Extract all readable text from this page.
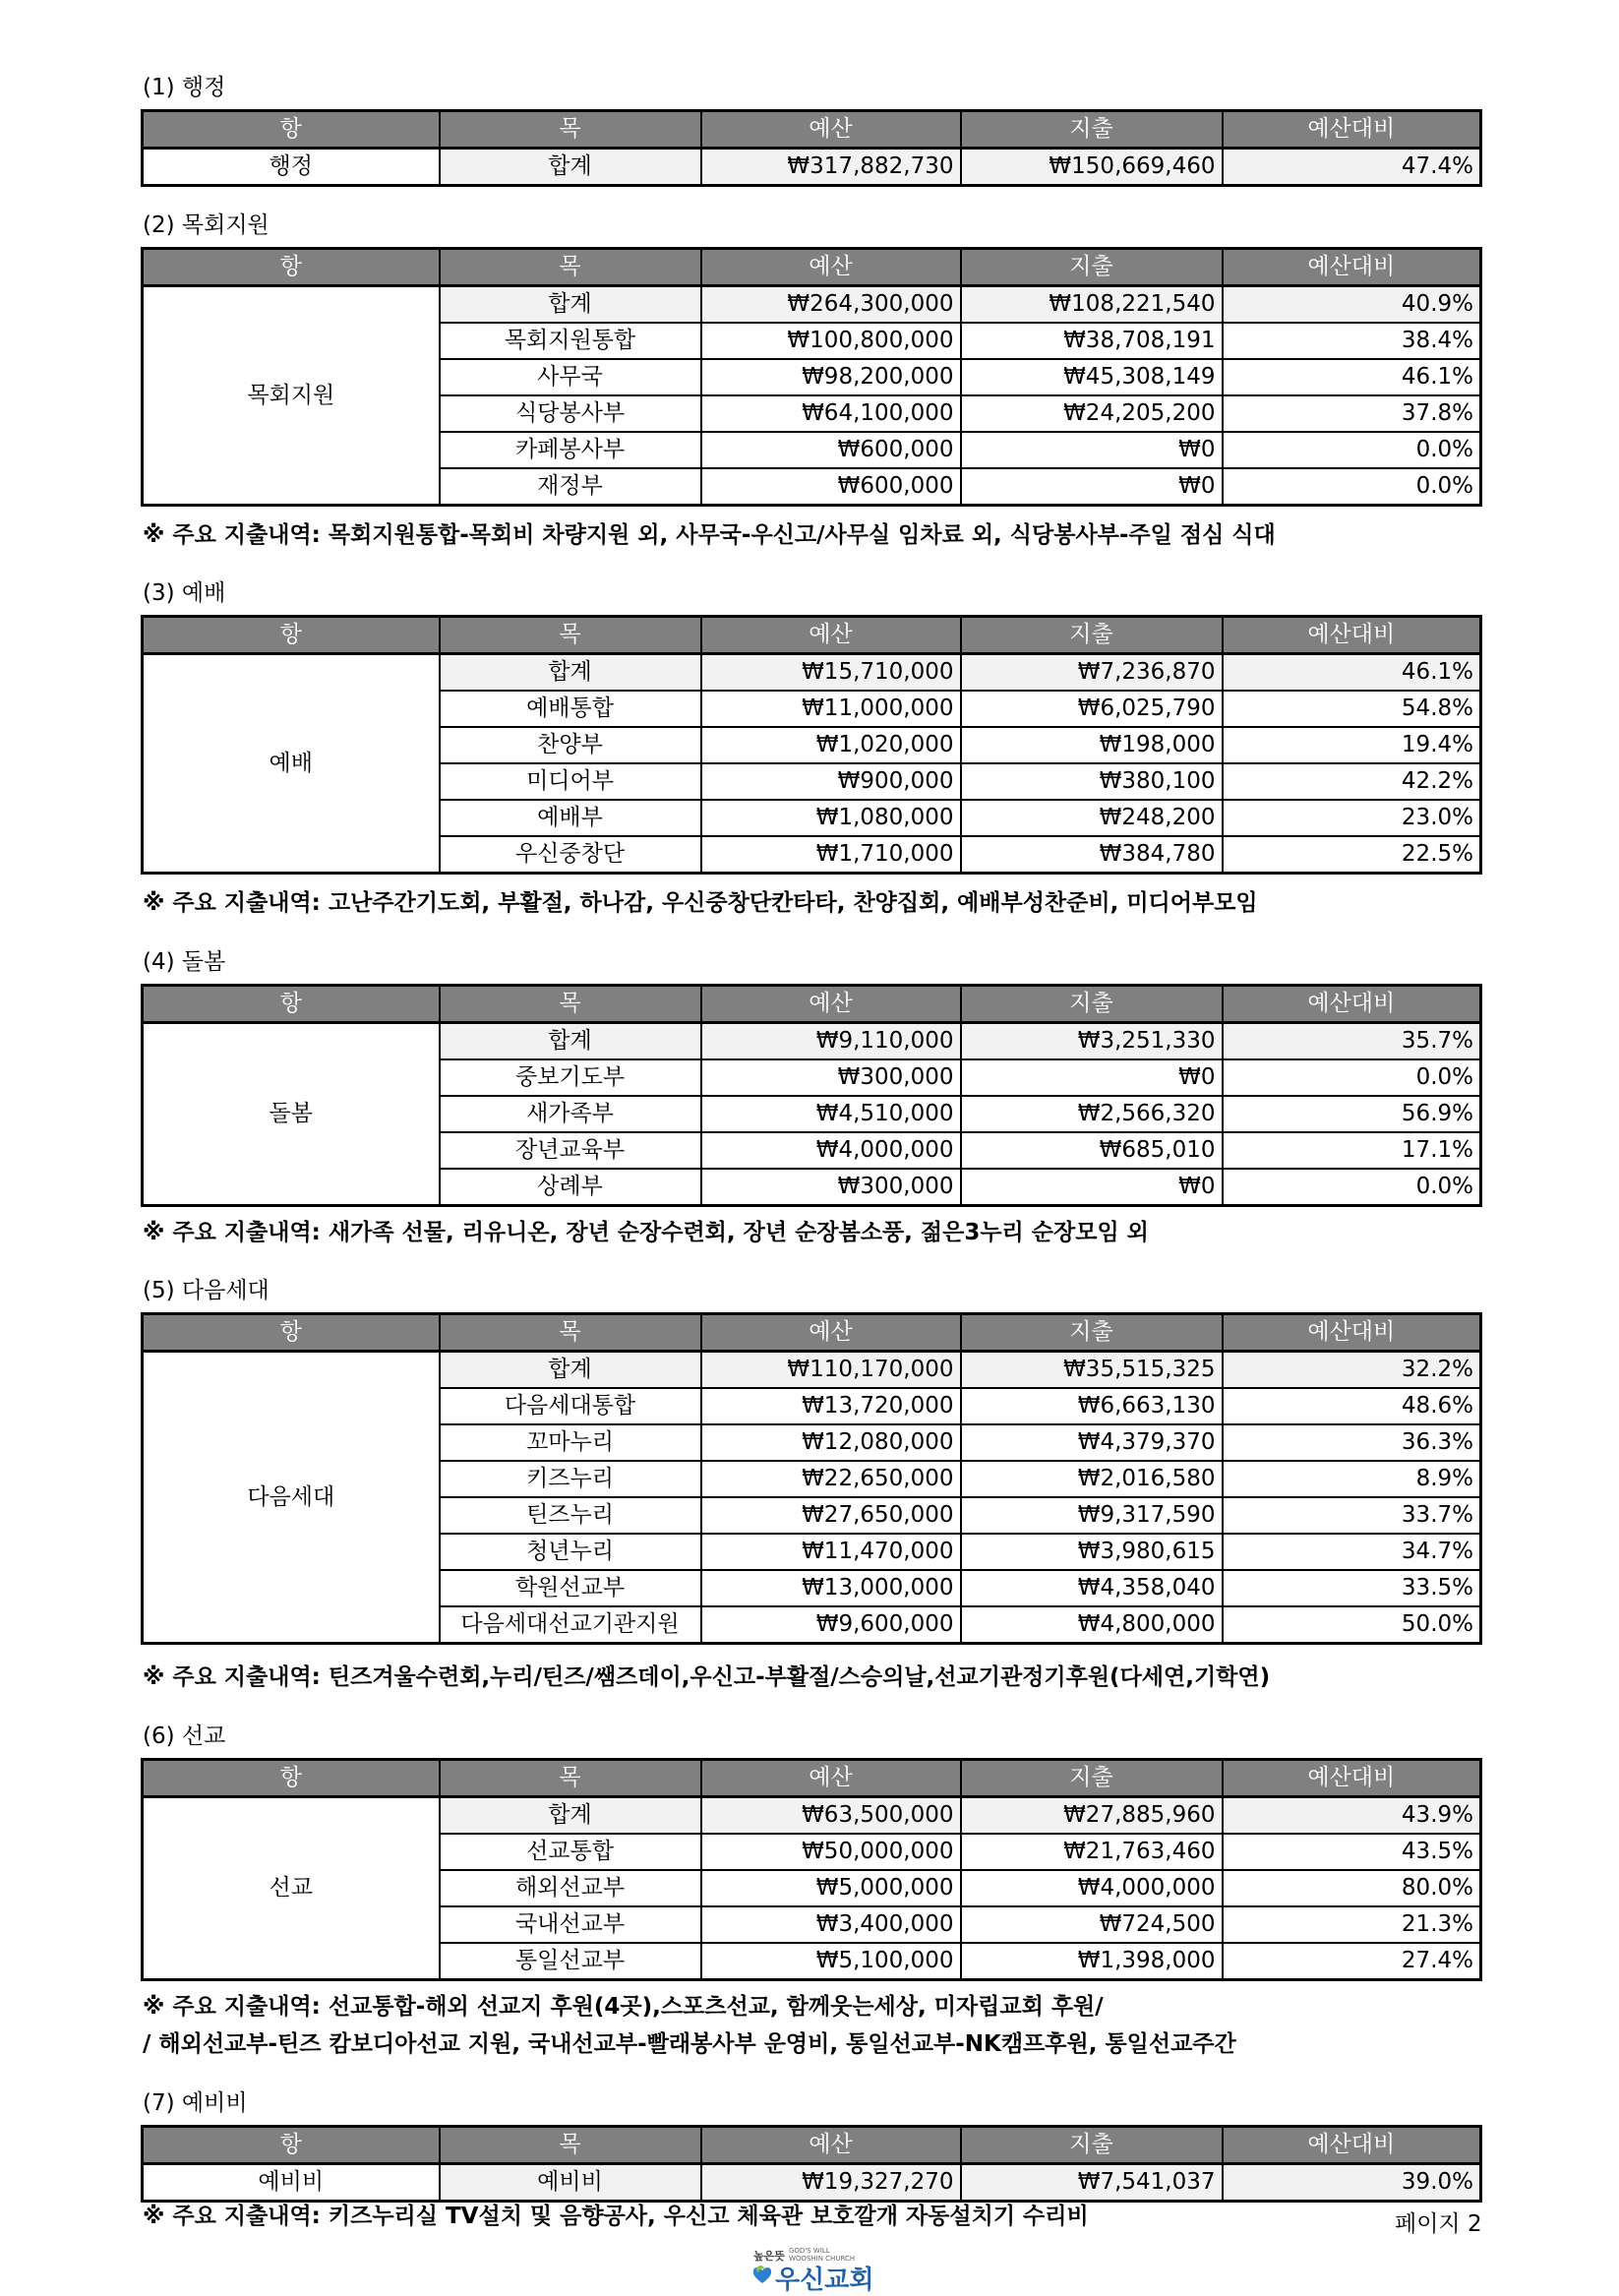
(1) 행정
항	목	예산	지출	예산대비
행정	합계	₩317,882,730	₩150,669,460	47.4%
(2) 목회지원
항	목	예산	지출	예산대비
목회지원	합계	₩264,300,000	₩108,221,540	40.9%
	목회지원통합	₩100,800,000	₩38,708,191	38.4%
	사무국	₩98,200,000	₩45,308,149	46.1%
	식당봉사부	₩64,100,000	₩24,205,200	37.8%
	카페봉사부	₩600,000	₩0	0.0%
	재정부	₩600,000	₩0	0.0%
※ 주요 지출내역: 목회지원통합-목회비 차량지원 외, 사무국-우신고/사무실 임차료 외, 식당봉사부-주일 점심 식대
(3) 예배
항	목	예산	지출	예산대비
예배	합계	₩15,710,000	₩7,236,870	46.1%
	예배통합	₩11,000,000	₩6,025,790	54.8%
	찬양부	₩1,020,000	₩198,000	19.4%
	미디어부	₩900,000	₩380,100	42.2%
	예배부	₩1,080,000	₩248,200	23.0%
	우신중창단	₩1,710,000	₩384,780	22.5%
※ 주요 지출내역: 고난주간기도회, 부활절, 하나감, 우신중창단칸타타, 찬양집회, 예배부성찬준비, 미디어부모임
(4) 돌봄
항	목	예산	지출	예산대비
돌봄	합계	₩9,110,000	₩3,251,330	35.7%
	중보기도부	₩300,000	₩0	0.0%
	새가족부	₩4,510,000	₩2,566,320	56.9%
	장년교육부	₩4,000,000	₩685,010	17.1%
	상례부	₩300,000	₩0	0.0%
※ 주요 지출내역: 새가족 선물, 리유니온, 장년 순장수련회, 장년 순장봄소풍, 젊은3누리 순장모임 외
(5) 다음세대
항	목	예산	지출	예산대비
다음세대	합계	₩110,170,000	₩35,515,325	32.2%
	다음세대통합	₩13,720,000	₩6,663,130	48.6%
	꼬마누리	₩12,080,000	₩4,379,370	36.3%
	키즈누리	₩22,650,000	₩2,016,580	8.9%
	틴즈누리	₩27,650,000	₩9,317,590	33.7%
	청년누리	₩11,470,000	₩3,980,615	34.7%
	학원선교부	₩13,000,000	₩4,358,040	33.5%
	다음세대선교기관지원	₩9,600,000	₩4,800,000	50.0%
※ 주요 지출내역: 틴즈겨울수련회,누리/틴즈/쌤즈데이,우신고-부활절/스승의날,선교기관정기후원(다세연,기학연)
(6) 선교
항	목	예산	지출	예산대비
선교	합계	₩63,500,000	₩27,885,960	43.9%
	선교통합	₩50,000,000	₩21,763,460	43.5%
	해외선교부	₩5,000,000	₩4,000,000	80.0%
	국내선교부	₩3,400,000	₩724,500	21.3%
	통일선교부	₩5,100,000	₩1,398,000	27.4%
※ 주요 지출내역: 선교통합-해외 선교지 후원(4곳),스포츠선교, 함께웃는세상, 미자립교회 후원/
/ 해외선교부-틴즈 캄보디아선교 지원, 국내선교부-빨래봉사부 운영비, 통일선교부-NK캠프후원, 통일선교주간
(7) 예비비
항	목	예산	지출	예산대비
예비비	예비비	₩19,327,270	₩7,541,037	39.0%
※ 주요 지출내역: 키즈누리실 TV설치 및 음향공사, 우신고 체육관 보호깔개 자동설치기 수리비	페이지 2
높은뜻 GOD'S WILL
WOOSHIN CHURCH
우신교회
